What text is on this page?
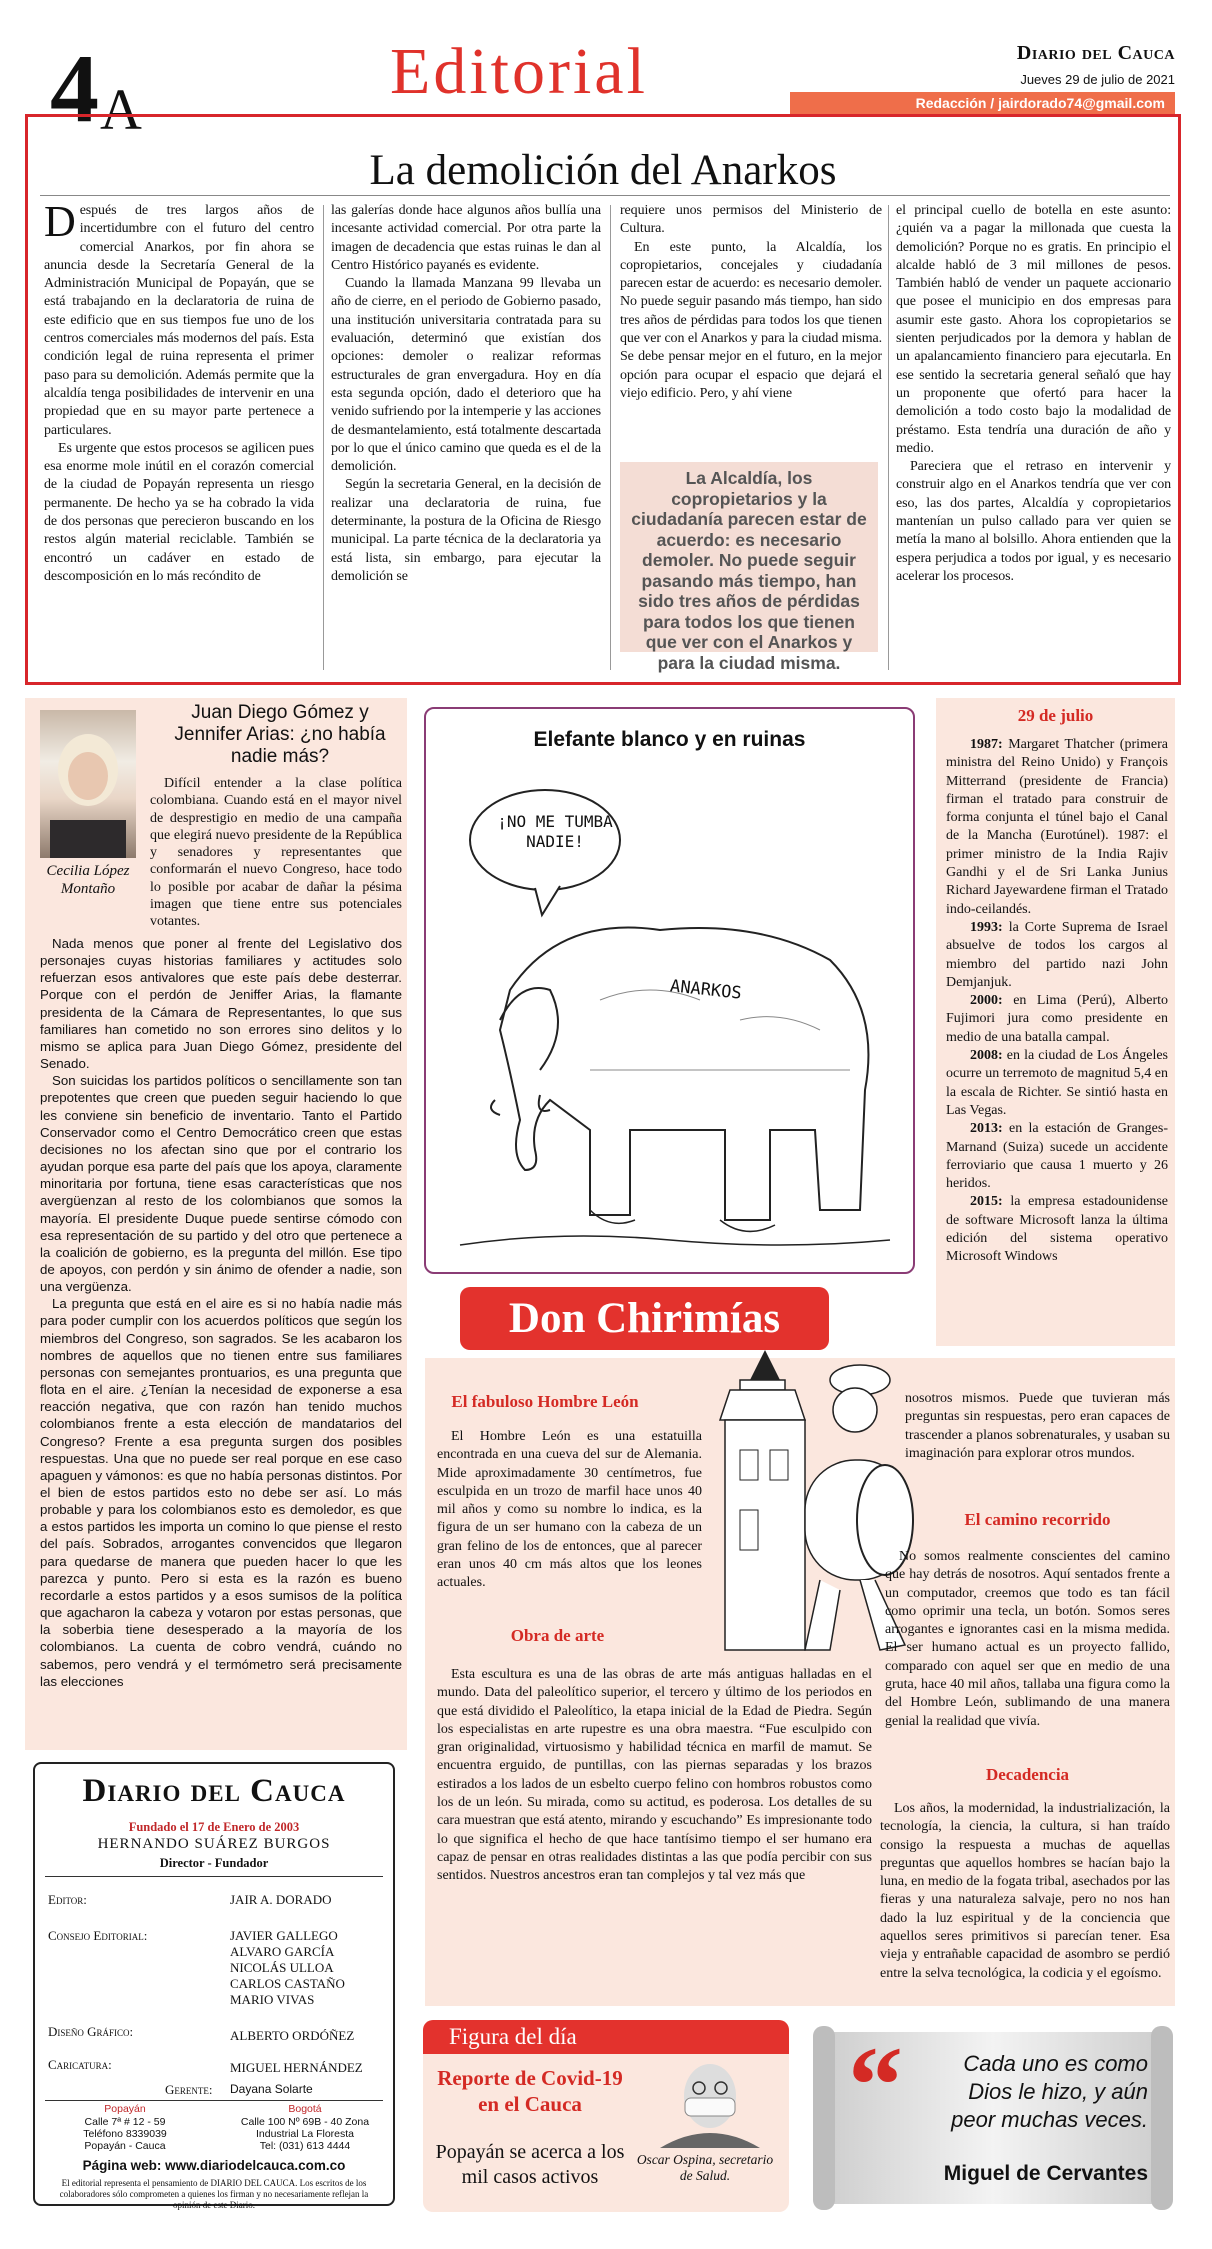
4 A
Editorial	Diario del Cauca
Jueves 29 de julio de 2021
Redacción / jairdorado74@gmail.com
La demolición del Anarkos
D espués de tres largos años de incertidumbre con el futuro del centro comercial Anarkos, por fin ahora se anuncia desde la Secretaría General de la Administración Municipal de Popayán, que se está trabajando en la declaratoria de ruina de este edificio que en sus tiempos fue uno de los centros comerciales más modernos del país. Esta condición legal de ruina representa el primer paso para su demolición. Además permite que la alcaldía tenga posibilidades de intervenir en una propiedad que en su mayor parte pertenece a particulares.

Es urgente que estos procesos se agilicen pues esa enorme mole inútil en el corazón comercial de la ciudad de Popayán representa un riesgo permanente. De hecho ya se ha cobrado la vida de dos personas que perecieron buscando en los restos algún material reciclable. También se encontró un cadáver en estado de descomposición en lo más recóndito de

las galerías donde hace algunos años bullía una incesante actividad comercial. Por otra parte la imagen de decadencia que estas ruinas le dan al Centro Histórico payanés es evidente.

Cuando la llamada Manzana 99 llevaba un año de cierre, en el periodo de Gobierno pasado, una institución universitaria contratada para su evaluación, determinó que existían dos opciones: demoler o realizar reformas estructurales de gran envergadura. Hoy en día esta segunda opción, dado el deterioro que ha venido sufriendo por la intemperie y las acciones de desmantelamiento, está totalmente descartada por lo que el único camino que queda es el de la demolición.

Según la secretaria General, en la decisión de realizar una declaratoria de ruina, fue determinante, la postura de la Oficina de Riesgo municipal. La parte técnica de la declaratoria ya está lista, sin embargo, para ejecutar la demolición se

requiere unos permisos del Ministerio de Cultura.

En este punto, la Alcaldía, los copropietarios, concejales y ciudadanía parecen estar de acuerdo: es necesario demoler. No puede seguir pasando más tiempo, han sido tres años de pérdidas para todos los que tienen que ver con el Anarkos y para la ciudad misma. Se debe pensar mejor en el futuro, en la mejor opción para ocupar el espacio que dejará el viejo edificio. Pero, y ahí viene

La Alcaldía, los copropietarios y la ciudadanía parecen estar de acuerdo: es necesario demoler. No puede seguir pasando más tiempo, han sido tres años de pérdidas para todos los que tienen que ver con el Anarkos y para la ciudad misma.

el principal cuello de botella en este asunto: ¿quién va a pagar la millonada que cuesta la demolición? Porque no es gratis. En principio el alcalde habló de 3 mil millones de pesos. También habló de vender un paquete accionario que posee el municipio en dos empresas para asumir este gasto. Ahora los copropietarios se sienten perjudicados por la demora y hablan de un apalancamiento financiero para ejecutarla. En ese sentido la secretaria general señaló que hay un proponente que ofertó para hacer la demolición a todo costo bajo la modalidad de préstamo. Esta tendría una duración de año y medio.

Pareciera que el retraso en intervenir y construir algo en el Anarkos tendría que ver con eso, las dos partes, Alcaldía y copropietarios mantenían un pulso callado para ver quien se metía la mano al bolsillo. Ahora entienden que la espera perjudica a todos por igual, y es necesario acelerar los procesos.

Cecilia López Montaño
Juan Diego Gómez y Jennifer Arias: ¿no había nadie más?
Difícil entender a la clase política colombiana. Cuando está en el mayor nivel de desprestigio en medio de una campaña que elegirá nuevo presidente de la República y senadores y representantes que conformarán el nuevo Congreso, hace todo lo posible por acabar de dañar la pésima imagen que tiene entre sus potenciales votantes.

Nada menos que poner al frente del Legislativo dos personajes cuyas historias familiares y actitudes solo refuerzan esos antivalores que este país debe desterrar. Porque con el perdón de Jeniffer Arias, la flamante presidenta de la Cámara de Representantes, lo que sus familiares han cometido no son errores sino delitos y lo mismo se aplica para Juan Diego Gómez, presidente del Senado.

Son suicidas los partidos políticos o sencillamente son tan prepotentes que creen que pueden seguir haciendo lo que les conviene sin beneficio de inventario. Tanto el Partido Conservador como el Centro Democrático creen que estas decisiones no los afectan sino que por el contrario los ayudan porque esa parte del país que los apoya, claramente minoritaria por fortuna, tiene esas características que nos avergüenzan al resto de los colombianos que somos la mayoría. El presidente Duque puede sentirse cómodo con esa representación de su partido y del otro que pertenece a la coalición de gobierno, es la pregunta del millón. Ese tipo de apoyos, con perdón y sin ánimo de ofender a nadie, son una vergüenza.

La pregunta que está en el aire es si no había nadie más para poder cumplir con los acuerdos políticos que según los miembros del Congreso, son sagrados. Se les acabaron los nombres de aquellos que no tienen entre sus familiares personas con semejantes prontuarios, es una pregunta que flota en el aire. ¿Tenían la necesidad de exponerse a esa reacción negativa, que con razón han tenido muchos colombianos frente a esta elección de mandatarios del Congreso? Frente a esa pregunta surgen dos posibles respuestas. Una que no puede ser real porque en ese caso apaguen y vámonos: es que no había personas distintos. Por el bien de estos partidos esto no debe ser así. Lo más probable y para los colombianos esto es demoledor, es que a estos partidos les importa un comino lo que piense el resto del país. Sobrados, arrogantes convencidos que llegaron para quedarse de manera que pueden hacer lo que les parezca y punto. Pero si esta es la razón es bueno recordarle a estos partidos y a esos sumisos de la política que agacharon la cabeza y votaron por estas personas, que la soberbia tiene desesperado a la mayoría de los colombianos. La cuenta de cobro vendrá, cuándo no sabemos, pero vendrá y el termómetro será precisamente las elecciones

Elefante blanco y en ruinas
¡NO ME TUMBA NADIE!
ANARKOS
29 de julio

1987: Margaret Thatcher (primera ministra del Reino Unido) y François Mitterrand (presidente de Francia) firman el tratado para construir de forma conjunta el túnel bajo el Canal de la Mancha (Eurotúnel). 1987: el primer ministro de la India Rajiv Gandhi y el de Sri Lanka Junius Richard Jayewardene firman el Tratado indo-ceilandés.

1993: la Corte Suprema de Israel absuelve de todos los cargos al miembro del partido nazi John Demjanjuk.

2000: en Lima (Perú), Alberto Fujimori jura como presidente en medio de una batalla campal.

2008: en la ciudad de Los Ángeles ocurre un terremoto de magnitud 5,4 en la escala de Richter. Se sintió hasta en Las Vegas.

2013: en la estación de Granges-Marnand (Suiza) sucede un accidente ferroviario que causa 1 muerto y 26 heridos.

2015: la empresa estadounidense de software Microsoft lanza la última edición del sistema operativo Microsoft Windows

Don Chirimías
El fabuloso Hombre León
El Hombre León es una estatuilla encontrada en una cueva del sur de Alemania. Mide aproximadamente 30 centímetros, fue esculpida en un trozo de marfil hace unos 40 mil años y como su nombre lo indica, es la figura de un ser humano con la cabeza de un gran felino de los de entonces, que al parecer eran unos 40 cm más altos que los leones actuales.
Obra de arte
Esta escultura es una de las obras de arte más antiguas halladas en el mundo. Data del paleolítico superior, el tercero y último de los periodos en que está dividido el Paleolítico, la etapa inicial de la Edad de Piedra. Según los especialistas en arte rupestre es una obra maestra. “Fue esculpido con gran originalidad, virtuosismo y habilidad técnica en marfil de mamut. Se encuentra erguido, de puntillas, con las piernas separadas y los brazos estirados a los lados de un esbelto cuerpo felino con hombros robustos como los de un león. Su mirada, como su actitud, es poderosa. Los detalles de su cara muestran que está atento, mirando y escuchando” Es impresionante todo lo que significa el hecho de que hace tantísimo tiempo el ser humano era capaz de pensar en otras realidades distintas a las que podía percibir con sus sentidos. Nuestros ancestros eran tan complejos y tal vez más que
nosotros mismos. Puede que tuvieran más preguntas sin respuestas, pero eran capaces de trascender a planos sobrenaturales, y usaban su imaginación para explorar otros mundos.
El camino recorrido
No somos realmente conscientes del camino que hay detrás de nosotros. Aquí sentados frente a un computador, creemos que todo es tan fácil como oprimir una tecla, un botón. Somos seres arrogantes e ignorantes casi en la misma medida. El ser humano actual es un proyecto fallido, comparado con aquel ser que en medio de una gruta, hace 40 mil años, tallaba una figura como la del Hombre León, sublimando de una manera genial la realidad que vivía.
Decadencia
Los años, la modernidad, la industrialización, la tecnología, la ciencia, la cultura, si han traído consigo la respuesta a muchas de aquellas preguntas que aquellos hombres se hacían bajo la luna, en medio de la fogata tribal, asechados por las fieras y una naturaleza salvaje, pero no nos han dado la luz espiritual y de la conciencia que aquellos seres primitivos si parecían tener. Esa vieja y entrañable capacidad de asombro se perdió entre la selva tecnológica, la codicia y el egoísmo.
Diario del Cauca
Fundado el 17 de Enero de 2003
HERNANDO SUÁREZ BURGOS
Director - Fundador
Editor:	JAIR A. DORADO
Consejo Editorial:	JAVIER GALLEGO
ALVARO GARCÍA
NICOLÁS ULLOA
CARLOS CASTAÑO
MARIO VIVAS
Diseño Gráfico:	ALBERTO ORDÓÑEZ
Caricatura:	MIGUEL HERNÁNDEZ
Gerente: Dayana Solarte
Popayán
Calle 7ª # 12 - 59
Teléfono 8339039
Popayán - Cauca
Bogotá
Calle 100 Nº 69B - 40 Zona Industrial La Floresta
Tel: (031) 613 4444
Página web: www.diariodelcauca.com.co
El editorial representa el pensamiento de DIARIO DEL CAUCA. Los escritos de los colaboradores sólo comprometen a quienes los firman y no necesariamente reflejan la opinión de este Diario.
Figura del día
Reporte de Covid-19 en el Cauca
Popayán se acerca a los mil casos activos
Oscar Ospina, secretario de Salud.
“	Cada uno es como Dios le hizo, y aún peor muchas veces.
Miguel de Cervantes
